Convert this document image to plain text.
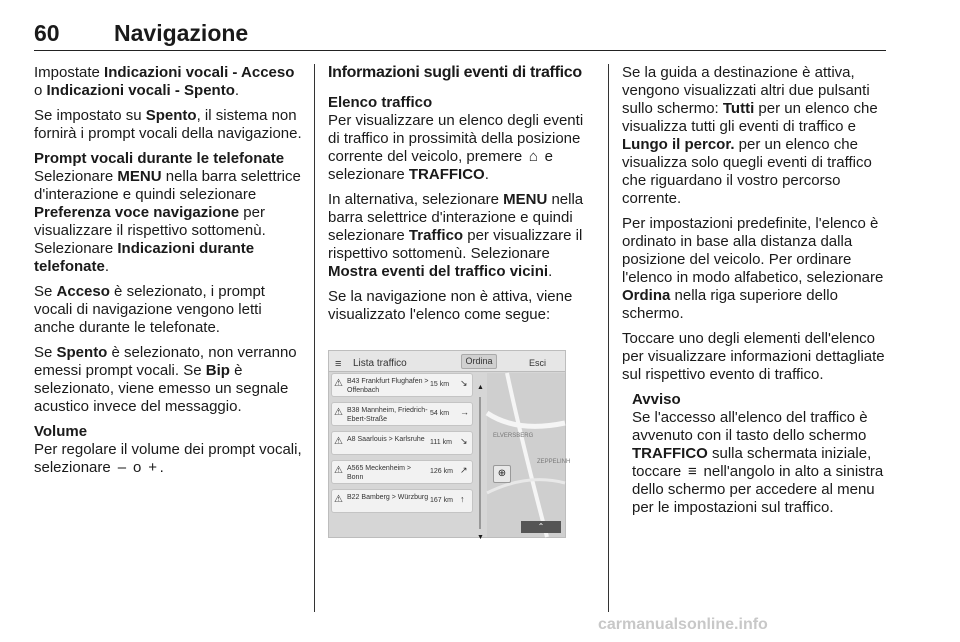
60 Navigazione

Impostate Indicazioni vocali - Acceso o Indicazioni vocali - Spento.

Se impostato su Spento, il sistema non fornirà i prompt vocali della navigazione.

Prompt vocali durante le telefonate

Selezionare MENU nella barra selettrice d'interazione e quindi selezionare Preferenza voce navigazione per visualizzare il rispettivo sottomenù. Selezionare Indicazioni durante telefonate.

Se Acceso è selezionato, i prompt vocali di navigazione vengono letti anche durante le telefonate.

Se Spento è selezionato, non verranno emessi prompt vocali. Se Bip è selezionato, viene emesso un segnale acustico invece del messaggio.

Volume

Per regolare il volume dei prompt vocali, selezionare – o + .

Informazioni sugli eventi di traffico

Elenco traffico

Per visualizzare un elenco degli eventi di traffico in prossimità della posizione corrente del veicolo, premere ⌂ e selezionare TRAFFICO.

In alternativa, selezionare MENU nella barra selettrice d'interazione e quindi selezionare Traffico per visualizzare il rispettivo sottomenù. Selezionare Mostra eventi del traffico vicini.

Se la navigazione non è attiva, viene visualizzato l'elenco come segue:

≡ Lista traffico	Ordina	Esci
⚠ B43 Frankfurt Flughafen > Offenbach
15 km ↘
⚠ B38 Mannheim, Friedrich-Ebert-Straße
54 km →
⚠ A8 Saarlouis > Karlsruhe 111 km ↘
⚠ A565 Meckenheim > Bonn
126 km ↗
⚠ B22 Bamberg > Würzburg 167 km ↑
▲
▼
ELVERSBERG
ZEPPELINH
⊕
⌃

Se la guida a destinazione è attiva, vengono visualizzati altri due pulsanti sullo schermo: Tutti per un elenco che visualizza tutti gli eventi di traffico e Lungo il percor. per un elenco che visualizza solo quegli eventi di traffico che riguardano il vostro percorso corrente.

Per impostazioni predefinite, l'elenco è ordinato in base alla distanza dalla posizione del veicolo. Per ordinare l'elenco in modo alfabetico, selezionare Ordina nella riga superiore dello schermo.

Toccare uno degli elementi dell'elenco per visualizzare informazioni dettagliate sul rispettivo evento di traffico.

Avviso

Se l'accesso all'elenco del traffico è avvenuto con il tasto dello schermo TRAFFICO sulla schermata iniziale, toccare ≡ nell'angolo in alto a sinistra dello schermo per accedere al menu per le impostazioni sul traffico.

carmanualsonline.info
